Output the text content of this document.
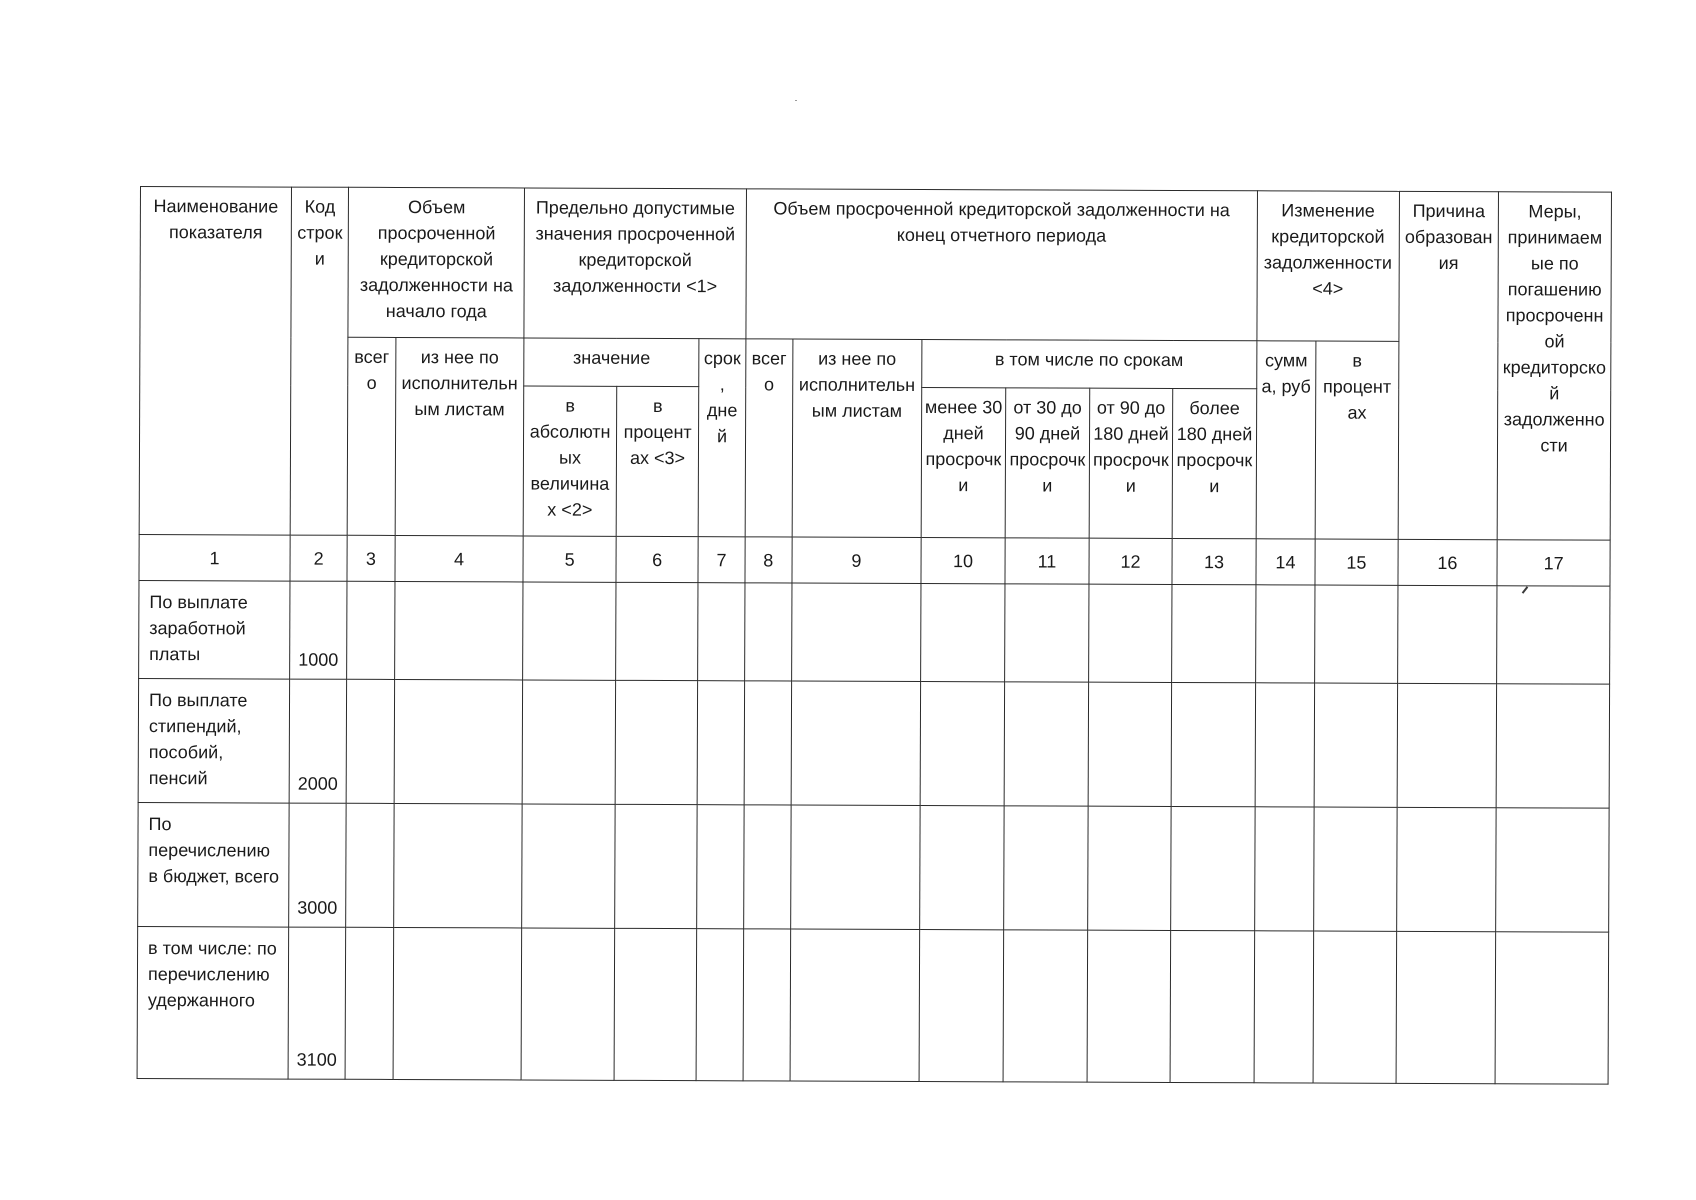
Наименование показателя	Код строки	Объем просроченной кредиторской задолженности на начало года		Предельно допустимые значения просроченной кредиторской задолженности <1>			Объем просроченной кредиторской задолженности на конец отчетного периода						Изменение кредиторской задолженности <4>		Причина образования	Меры, принимаемые по погашению просроченной кредиторской задолженности
		всего	из нее по исполнительным листам	значение		срок, дней	всего	из нее по исполнительным листам	в том числе по срокам				сумма, руб	в процентах		
				в абсолютных величинах <2>	в процентах <3>				менее 30 дней просрочки	от 30 до 90 дней просрочки	от 90 до 180 дней просрочки	более 180 дней просрочки				
1	2	3	4	5	6	7	8	9	10	11	12	13	14	15	16	17
По выплате заработной платы	1000															
По выплате стипендий, пособий, пенсий	2000															
По перечислению в бюджет, всего	3000															
в том числе: по перечислению удержанного	3100															
